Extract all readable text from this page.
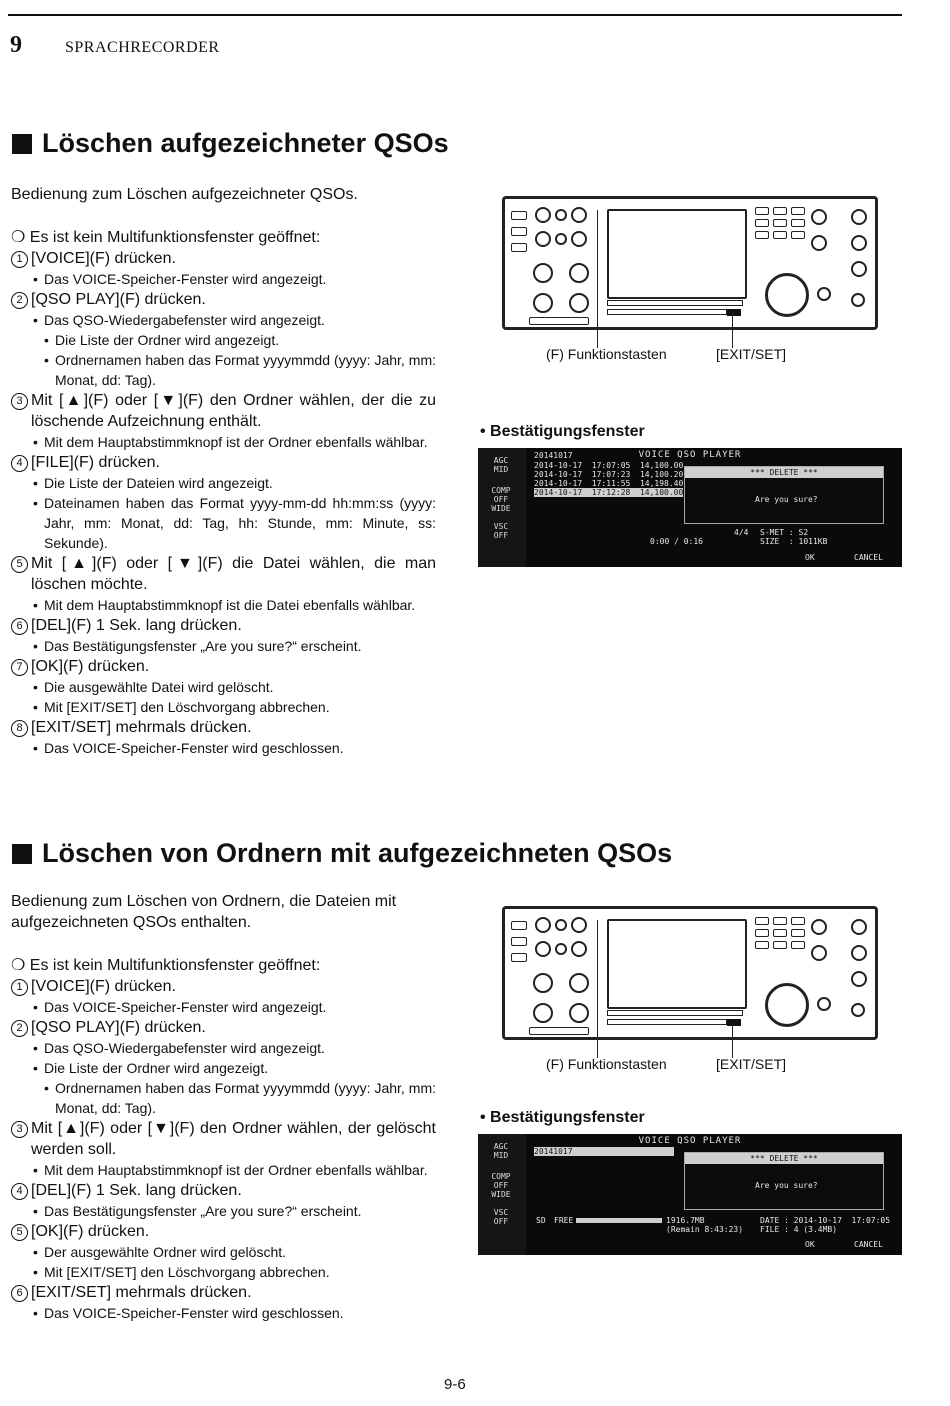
9	SPRACHRECORDER
Löschen aufgezeichneter QSOs
Bedienung zum Löschen aufgezeichneter QSOs.

❍ Es ist kein Multifunktionsfenster geöffnet:

1 [VOICE](F) drücken.
• Das VOICE-Speicher-Fenster wird angezeigt.
2 [QSO PLAY](F) drücken.
• Das QSO-Wiedergabefenster wird angezeigt.
• Die Liste der Ordner wird angezeigt.
• Ordnernamen haben das Format yyyymmdd (yyyy: Jahr, mm: Monat, dd: Tag).
3 Mit [▲](F) oder [▼](F) den Ordner wählen, der die zu löschende Aufzeichnung enthält.
• Mit dem Hauptabstimmknopf ist der Ordner ebenfalls wählbar.
4 [FILE](F) drücken.
• Die Liste der Dateien wird angezeigt.
• Dateinamen haben das Format yyyy-mm-dd hh:mm:ss (yyyy: Jahr, mm: Monat, dd: Tag, hh: Stunde, mm: Minute, ss: Sekunde).
5 Mit [▲](F) oder [▼](F) die Datei wählen, die man löschen möchte.
• Mit dem Hauptabstimmknopf ist die Datei ebenfalls wählbar.
6 [DEL](F) 1 Sek. lang drücken.
• Das Bestätigungsfenster „Are you sure?“ erscheint.
7 [OK](F) drücken.
• Die ausgewählte Datei wird gelöscht.
• Mit [EXIT/SET] den Löschvorgang abbrechen.
8 [EXIT/SET] mehrmals drücken.
• Das VOICE-Speicher-Fenster wird geschlossen.
(F) Funktionstasten	[EXIT/SET]
• Bestätigungsfenster
AGC
MID
COMP
OFF
WIDE
VSC
OFF
VOICE QSO PLAYER
20141017
2014-10-17  17:07:05  14,100.00
2014-10-17  17:07:23  14,100.20
2014-10-17  17:11:55  14,198.40
2014-10-17  17:12:28  14,100.00
*** DELETE ***
Are you sure?
4/4
0:00 / 0:16
S-MET : S2
SIZE  : 1011KB
OK	CANCEL
Löschen von Ordnern mit aufgezeichneten QSOs
Bedienung zum Löschen von Ordnern, die Dateien mit aufgezeichneten QSOs enthalten.

❍ Es ist kein Multifunktionsfenster geöffnet:

1 [VOICE](F) drücken.
• Das VOICE-Speicher-Fenster wird angezeigt.
2 [QSO PLAY](F) drücken.
• Das QSO-Wiedergabefenster wird angezeigt.
• Die Liste der Ordner wird angezeigt.
• Ordnernamen haben das Format yyyymmdd (yyyy: Jahr, mm: Monat, dd: Tag).
3 Mit [▲](F) oder [▼](F) den Ordner wählen, der gelöscht werden soll.
• Mit dem Hauptabstimmknopf ist der Ordner ebenfalls wählbar.
4 [DEL](F) 1 Sek. lang drücken.
• Das Bestätigungsfenster „Are you sure?“ erscheint.
5 [OK](F) drücken.
• Der ausgewählte Ordner wird gelöscht.
• Mit [EXIT/SET] den Löschvorgang abbrechen.
6 [EXIT/SET] mehrmals drücken.
• Das VOICE-Speicher-Fenster wird geschlossen.
(F) Funktionstasten	[EXIT/SET]
• Bestätigungsfenster
AGC
MID
COMP
OFF
WIDE
VSC
OFF
VOICE QSO PLAYER
20141017
*** DELETE ***
Are you sure?
SD FREE	1916.7MB
(Remain 8:43:23)
DATE : 2014-10-17  17:07:05
FILE : 4 (3.4MB)
OK	CANCEL
9-6
